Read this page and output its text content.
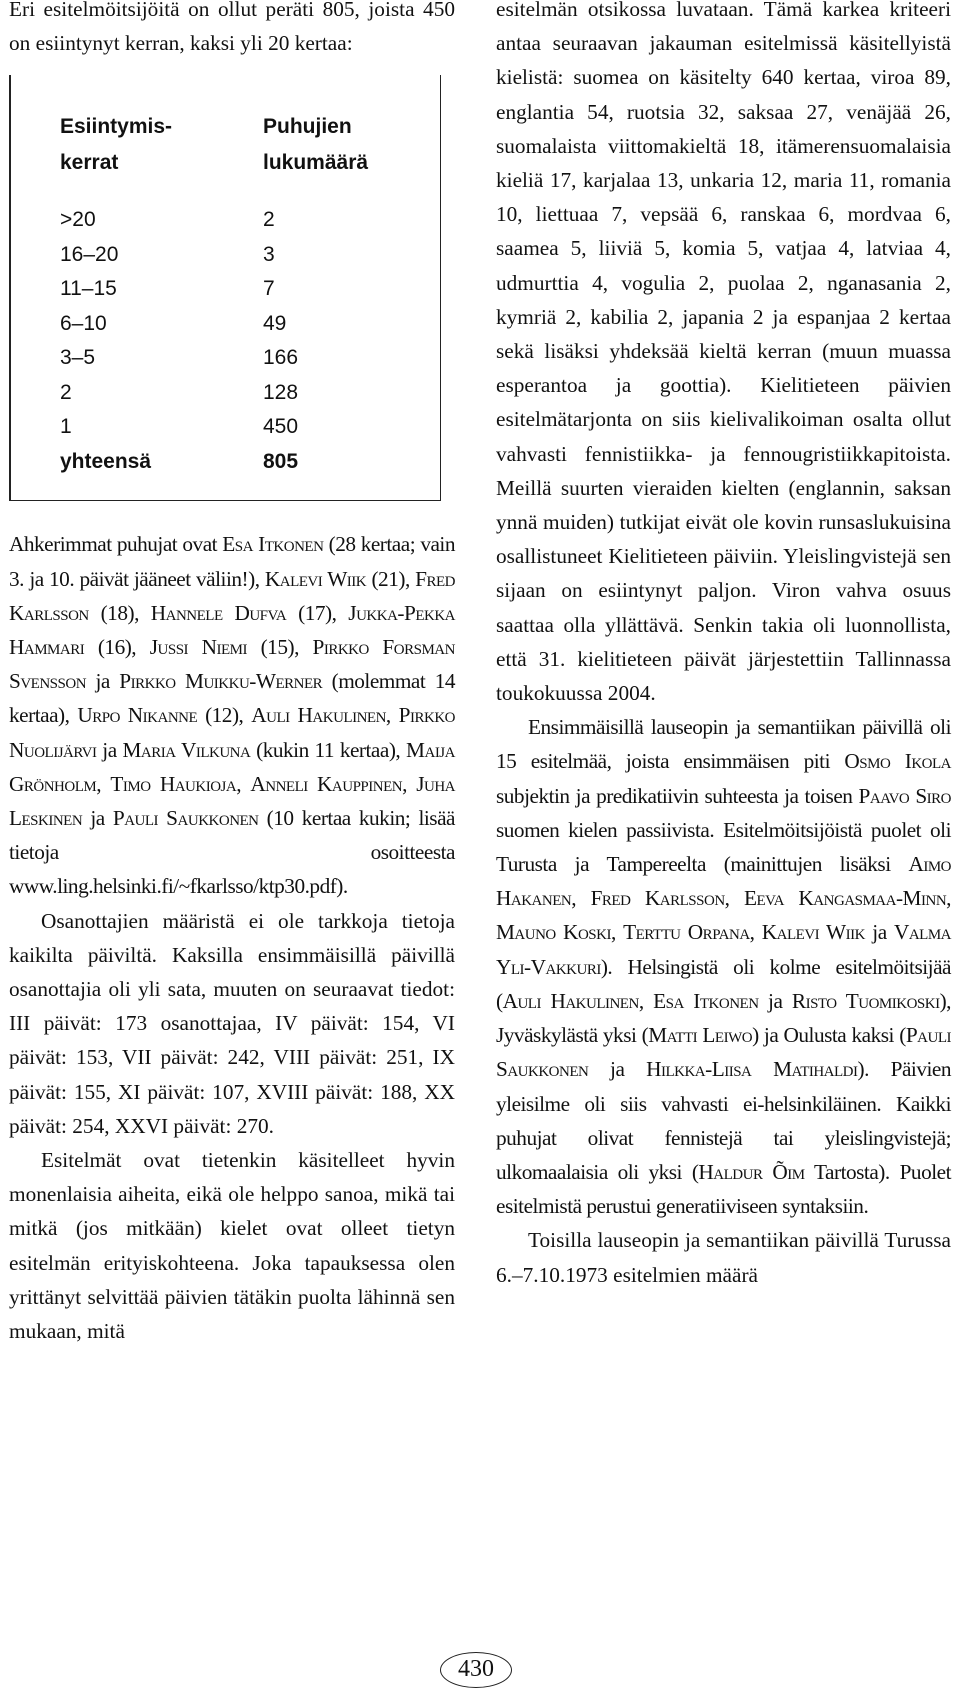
Eri esitelmöitsijöitä on ollut peräti 805, joista 450 on esiintynyt kerran, kaksi yli 20 kertaa:

Esiintymis-	Puhujien
kerrat	lukumäärä

>20	2
16–20	3
11–15	7
6–10	49
3–5	166
2	128
1	450
yhteensä	805

Ahkerimmat puhujat ovat Esa Itkonen (28 kertaa; vain 3. ja 10. päivät jääneet väliin!), Kalevi Wiik (21), Fred Karlsson (18), Hannele Dufva (17), Jukka-Pekka Hammari (16), Jussi Niemi (15), Pirkko Forsman Svensson ja Pirkko Muikku-Werner (molemmat 14 kertaa), Urpo Nikanne (12), Auli Hakulinen, Pirkko Nuolijärvi ja Maria Vilkuna (kukin 11 kertaa), Maija Grönholm, Timo Haukioja, Anneli Kauppinen, Juha Leskinen ja Pauli Saukkonen (10 kertaa kukin; lisää tietoja osoitteesta www.ling.helsinki.fi/~fkarlsso/ktp30.pdf).

Osanottajien määristä ei ole tarkkoja tietoja kaikilta päiviltä. Kaksilla ensimmäisillä päivillä osanottajia oli yli sata, muuten on seuraavat tiedot: III päivät: 173 osanottajaa, IV päivät: 154, VI päivät: 153, VII päivät: 242, VIII päivät: 251, IX päivät: 155, XI päivät: 107, XVIII päivät: 188, XX päivät: 254, XXVI päivät: 270.

Esitelmät ovat tietenkin käsitelleet hyvin monenlaisia aiheita, eikä ole helppo sanoa, mikä tai mitkä (jos mitkään) kielet ovat olleet tietyn esitelmän erityiskohteena. Joka tapauksessa olen yrittänyt selvittää päivien tätäkin puolta lähinnä sen mukaan, mitä

esitelmän otsikossa luvataan. Tämä karkea kriteeri antaa seuraavan jakauman esitelmissä käsitellyistä kielistä: suomea on käsitelty 640 kertaa, viroa 89, englantia 54, ruotsia 32, saksaa 27, venäjää 26, suomalaista viittomakieltä 18, itämerensuomalaisia kieliä 17, karjalaa 13, unkaria 12, maria 11, romania 10, liettuaa 7, vepsää 6, ranskaa 6, mordvaa 6, saamea 5, liiviä 5, komia 5, vatjaa 4, latviaa 4, udmurttia 4, vogulia 2, puolaa 2, nganasania 2, kymriä 2, kabilia 2, japania 2 ja espanjaa 2 kertaa sekä lisäksi yhdeksää kieltä kerran (muun muassa esperantoa ja goottia). Kielitieteen päivien esitelmätarjonta on siis kielivalikoiman osalta ollut vahvasti fennistiikka- ja fennougristiikkapitoista. Meillä suurten vieraiden kielten (englannin, saksan ynnä muiden) tutkijat eivät ole kovin runsaslukuisina osallistuneet Kielitieteen päiviin. Yleislingvistejä sen sijaan on esiintynyt paljon. Viron vahva osuus saattaa olla yllättävä. Senkin takia oli luonnollista, että 31. kielitieteen päivät järjestettiin Tallinnassa toukokuussa 2004.

Ensimmäisillä lauseopin ja semantiikan päivillä oli 15 esitelmää, joista ensimmäisen piti Osmo Ikola subjektin ja predikatiivin suhteesta ja toisen Paavo Siro suomen kielen passiivista. Esitelmöitsijöistä puolet oli Turusta ja Tampereelta (mainittujen lisäksi Aimo Hakanen, Fred Karlsson, Eeva Kangasmaa-Minn, Mauno Koski, Terttu Orpana, Kalevi Wiik ja Valma Yli-Vakkuri). Helsingistä oli kolme esitelmöitsijää (Auli Hakulinen, Esa Itkonen ja Risto Tuomikoski), Jyväskylästä yksi (Matti Leiwo) ja Oulusta kaksi (Pauli Saukkonen ja Hilkka-Liisa Matihaldi). Päivien yleisilme oli siis vahvasti ei-helsinkiläinen. Kaikki puhujat olivat fennistejä tai yleislingvistejä; ulkomaalaisia oli yksi (Haldur Õim Tartosta). Puolet esitelmistä perustui generatiiviseen syntaksiin.

Toisilla lauseopin ja semantiikan päivillä Turussa 6.–7.10.1973 esitelmien määrä

430
